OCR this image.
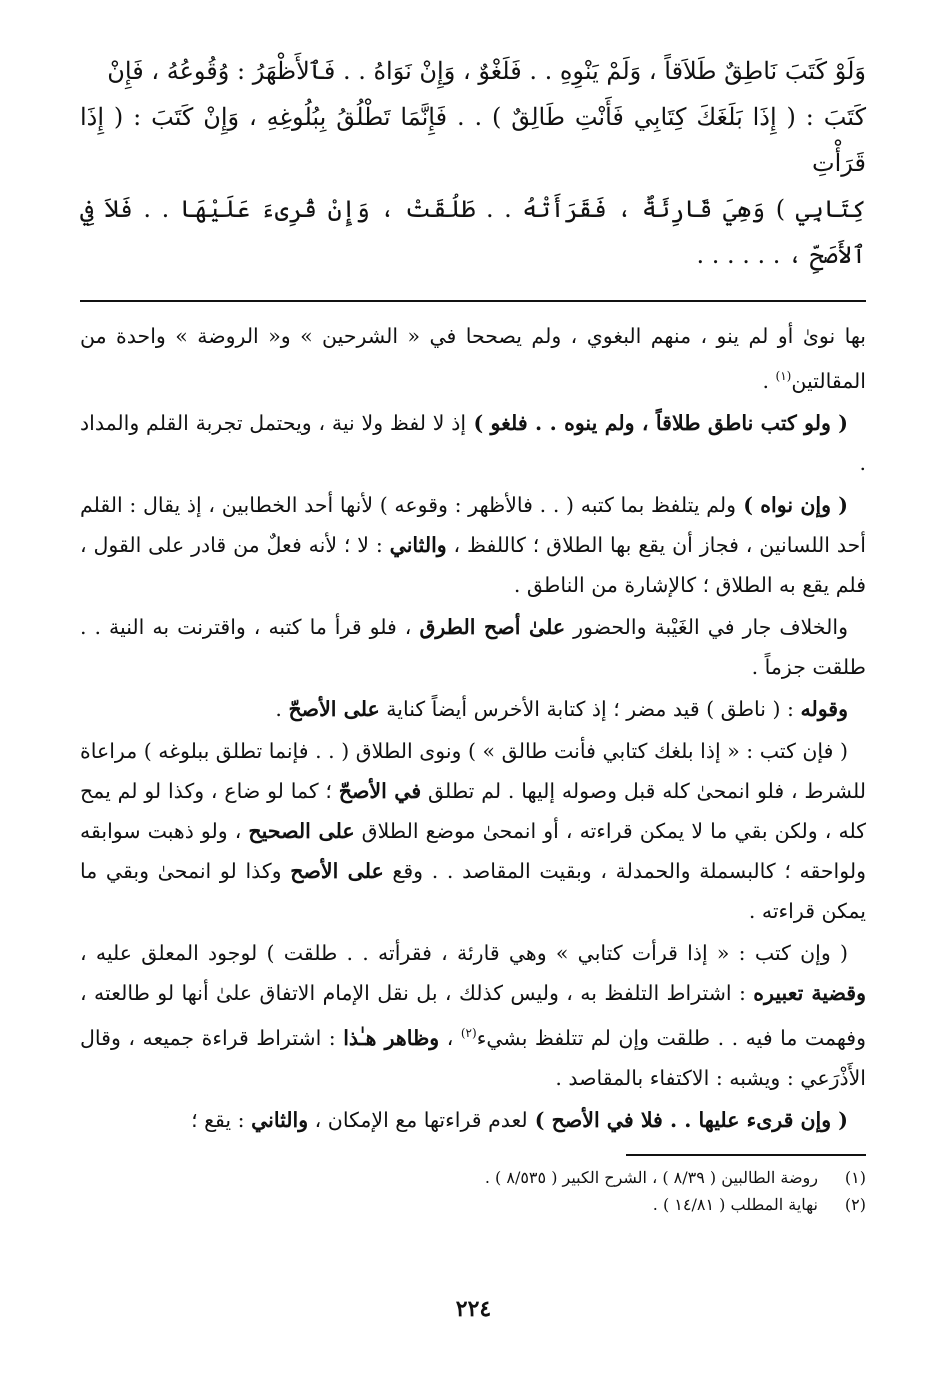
وَلَوْ كَتَبَ نَاطِقٌ طَلاَقاً ، وَلَمْ يَنْوِهِ . . فَلَغْوٌ ، وَإِنْ نَوَاهُ . . فَٱلأَظْهَرُ : وُقُوعُهُ ، فَإِنْ
كَتَبَ : ( إِذَا بَلَغَكَ كِتَابِي فَأَنْتِ طَالِقٌ ) . . فَإِنَّمَا تَطْلُقُ بِبُلُوغِهِ ، وَإِنْ كَتَبَ : ( إِذَا قَرَأْتِ
كِتَابِي ) وَهِيَ قَارِئَةٌ ، فَقَرَأَتْهُ . . طَلُقَتْ ، وَإِنْ قُرِىءَ عَلَيْهَا . . فَلاَ فِي ٱلأَصَحِّ ، . . . . . .

بها نوىٰ أو لم ينو ، منهم البغوي ، ولم يصححا في « الشرحين » و« الروضة » واحدة من المقالتين$^{(١)}$ .

( ولو كتب ناطق طلاقاً ، ولم ينوه . . فلغو ) إذ لا لفظ ولا نية ، ويحتمل تجربة القلم والمداد .

( وإن نواه ) ولم يتلفظ بما كتبه ( . . فالأظهر : وقوعه ) لأنها أحد الخطابين ، إذ يقال : القلم أحد اللسانين ، فجاز أن يقع بها الطلاق ؛ كاللفظ ، والثاني : لا ؛ لأنه فعلٌ من قادر على القول ، فلم يقع به الطلاق ؛ كالإشارة من الناطق .

والخلاف جار في الغَيْبة والحضور علىٰ أصح الطرق ، فلو قرأ ما كتبه ، واقترنت به النية . . طلقت جزماً .

وقوله : ( ناطق ) قيد مضر ؛ إذ كتابة الأخرس أيضاً كناية على الأصحّ .

( فإن كتب : « إذا بلغك كتابي فأنت طالق » ) ونوى الطلاق ( . . فإنما تطلق ببلوغه ) مراعاة للشرط ، فلو انمحىٰ كله قبل وصوله إليها . لم تطلق في الأصحّ ؛ كما لو ضاع ، وكذا لو لم يمح كله ، ولكن بقي ما لا يمكن قراءته ، أو انمحىٰ موضع الطلاق على الصحيح ، ولو ذهبت سوابقه ولواحقه ؛ كالبسملة والحمدلة ، وبقيت المقاصد . . وقع على الأصح وكذا لو انمحىٰ وبقي ما يمكن قراءته .

( وإن كتب : « إذا قرأت كتابي » وهي قارئة ، فقرأته . . طلقت ) لوجود المعلق عليه ، وقضية تعبيره : اشتراط التلفظ به ، وليس كذلك ، بل نقل الإمام الاتفاق علىٰ أنها لو طالعته ، وفهمت ما فيه . . طلقت وإن لم تتلفظ بشيء$^{(٢)}$ ، وظاهر هـٰذا : اشتراط قراءة جميعه ، وقال الأَذْرَعي : ويشبه : الاكتفاء بالمقاصد .

( وإن قرىء عليها . . فلا في الأصح ) لعدم قراءتها مع الإمكان ، والثاني : يقع ؛

(١)
روضة الطالبين ( ٨/٣٩ ) ، الشرح الكبير ( ٨/٥٣٥ ) .
(٢)
نهاية المطلب ( ١٤/٨١ ) .
٢٢٤
